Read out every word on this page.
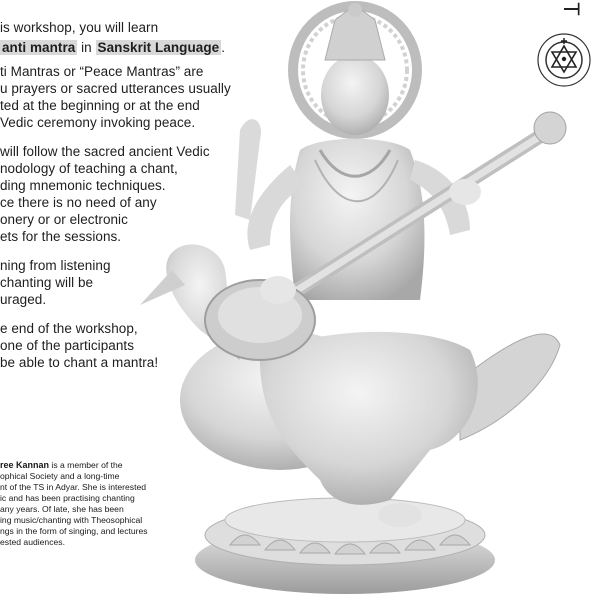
is workshop, you will learn
anti mantra in Sanskrit Language .
ti Mantras or “Peace Mantras” are
u prayers or sacred utterances usually
ted at the beginning or at the end
Vedic ceremony invoking peace.
will follow the sacred ancient Vedic
nodology of teaching a chant,
ding mnemonic techniques.
ce there is no need of any
onery or or electronic
ets for the sessions.
ning from listening
chanting will be
uraged.
e end of the workshop,
one of the participants
be able to chant a mantra!
ree Kannan is a member of the
ophical Society and a long-time
nt of the TS in Adyar. She is interested
ic and has been practising chanting
any years. Of late, she has been
ing music/chanting with Theosophical
ngs in the form of singing, and lectures
ested audiences.
T
